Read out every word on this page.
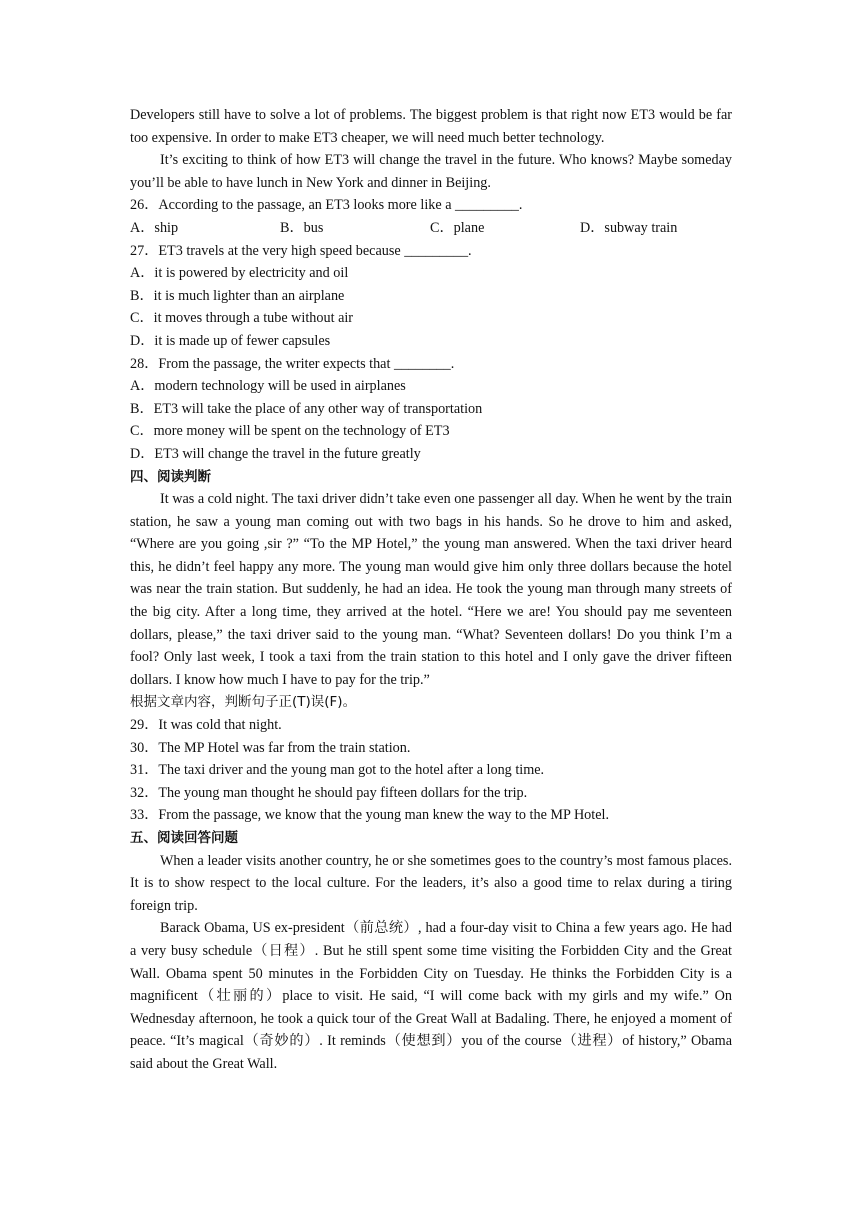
Developers still have to solve a lot of problems. The biggest problem is that right now ET3 would be far too expensive. In order to make ET3 cheaper, we will need much better technology.

It’s exciting to think of how ET3 will change the travel in the future. Who knows? Maybe someday you’ll be able to have lunch in New York and dinner in Beijing.

26．According to the passage, an ET3 looks more like a _________.

A．ship	B．bus	C．plane	D．subway train

27．ET3 travels at the very high speed because _________.

A．it is powered by electricity and oil

B．it is much lighter than an airplane

C．it moves through a tube without air

D．it is made up of fewer capsules

28．From the passage, the writer expects that ________.

A．modern technology will be used in airplanes

B．ET3 will take the place of any other way of transportation

C．more money will be spent on the technology of ET3

D．ET3 will change the travel in the future greatly

四、阅读判断

It was a cold night. The taxi driver didn’t take even one passenger all day. When he went by the train station, he saw a young man coming out with two bags in his hands. So he drove to him and asked, “Where are you going ,sir ?” “To the MP Hotel,” the young man answered. When the taxi driver heard this, he didn’t feel happy any more. The young man would give him only three dollars because the hotel was near the train station. But suddenly, he had an idea. He took the young man through many streets of the big city. After a long time, they arrived at the hotel. “Here we are! You should pay me seventeen dollars, please,” the taxi driver said to the young man. “What? Seventeen dollars! Do you think I’m a fool? Only last week, I took a taxi from the train station to this hotel and I only gave the driver fifteen dollars. I know how much I have to pay for the trip.”

根据文章内容，判断句子正(T)误(F)。

29．It was cold that night.

30．The MP Hotel was far from the train station.

31．The taxi driver and the young man got to the hotel after a long time.

32．The young man thought he should pay fifteen dollars for the trip.

33．From the passage, we know that the young man knew the way to the MP Hotel.

五、阅读回答问题

When a leader visits another country, he or she sometimes goes to the country’s most famous places. It is to show respect to the local culture. For the leaders, it’s also a good time to relax during a tiring foreign trip.

Barack Obama, US ex-president（前总统）, had a four-day visit to China a few years ago. He had a very busy schedule（日程）. But he still spent some time visiting the Forbidden City and the Great Wall. Obama spent 50 minutes in the Forbidden City on Tuesday. He thinks the Forbidden City is a magnificent（壮丽的）place to visit. He said, “I will come back with my girls and my wife.” On Wednesday afternoon, he took a quick tour of the Great Wall at Badaling. There, he enjoyed a moment of peace. “It’s magical（奇妙的）. It reminds（使想到）you of the course（进程）of history,” Obama said about the Great Wall.
